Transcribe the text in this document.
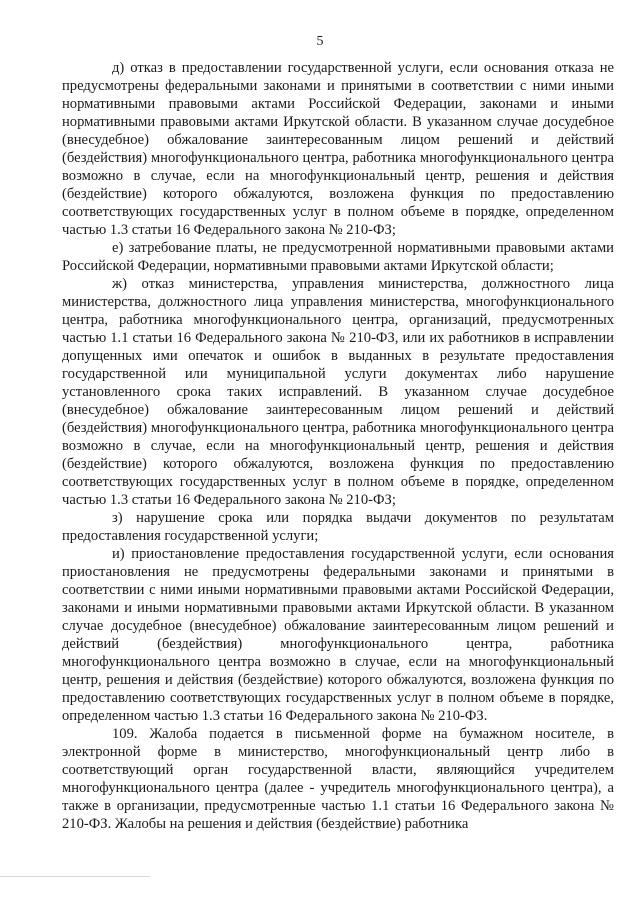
5

д) отказ в предоставлении государственной услуги, если основания отказа не предусмотрены федеральными законами и принятыми в соответствии с ними иными нормативными правовыми актами Российской Федерации, законами и иными нормативными правовыми актами Иркутской области. В указанном случае досудебное (внесудебное) обжалование заинтересованным лицом решений и действий (бездействия) многофункционального центра, работника многофункционального центра возможно в случае, если на многофункциональный центр, решения и действия (бездействие) которого обжалуются, возложена функция по предоставлению соответствующих государственных услуг в полном объеме в порядке, определенном частью 1.3 статьи 16 Федерального закона № 210-ФЗ;

е) затребование платы, не предусмотренной нормативными правовыми актами Российской Федерации, нормативными правовыми актами Иркутской области;

ж) отказ министерства, управления министерства, должностного лица министерства, должностного лица управления министерства, многофункционального центра, работника многофункционального центра, организаций, предусмотренных частью 1.1 статьи 16 Федерального закона № 210-ФЗ, или их работников в исправлении допущенных ими опечаток и ошибок в выданных в результате предоставления государственной или муниципальной услуги документах либо нарушение установленного срока таких исправлений. В указанном случае досудебное (внесудебное) обжалование заинтересованным лицом решений и действий (бездействия) многофункционального центра, работника многофункционального центра возможно в случае, если на многофункциональный центр, решения и действия (бездействие) которого обжалуются, возложена функция по предоставлению соответствующих государственных услуг в полном объеме в порядке, определенном частью 1.3 статьи 16 Федерального закона № 210-ФЗ;

з) нарушение срока или порядка выдачи документов по результатам предоставления государственной услуги;

и) приостановление предоставления государственной услуги, если основания приостановления не предусмотрены федеральными законами и принятыми в соответствии с ними иными нормативными правовыми актами Российской Федерации, законами и иными нормативными правовыми актами Иркутской области. В указанном случае досудебное (внесудебное) обжалование заинтересованным лицом решений и действий (бездействия) многофункционального центра, работника многофункционального центра возможно в случае, если на многофункциональный центр, решения и действия (бездействие) которого обжалуются, возложена функция по предоставлению соответствующих государственных услуг в полном объеме в порядке, определенном частью 1.3 статьи 16 Федерального закона № 210-ФЗ.

109. Жалоба подается в письменной форме на бумажном носителе, в электронной форме в министерство, многофункциональный центр либо в соответствующий орган государственной власти, являющийся учредителем многофункционального центра (далее - учредитель многофункционального центра), а также в организации, предусмотренные частью 1.1 статьи 16 Федерального закона № 210-ФЗ. Жалобы на решения и действия (бездействие) работника
